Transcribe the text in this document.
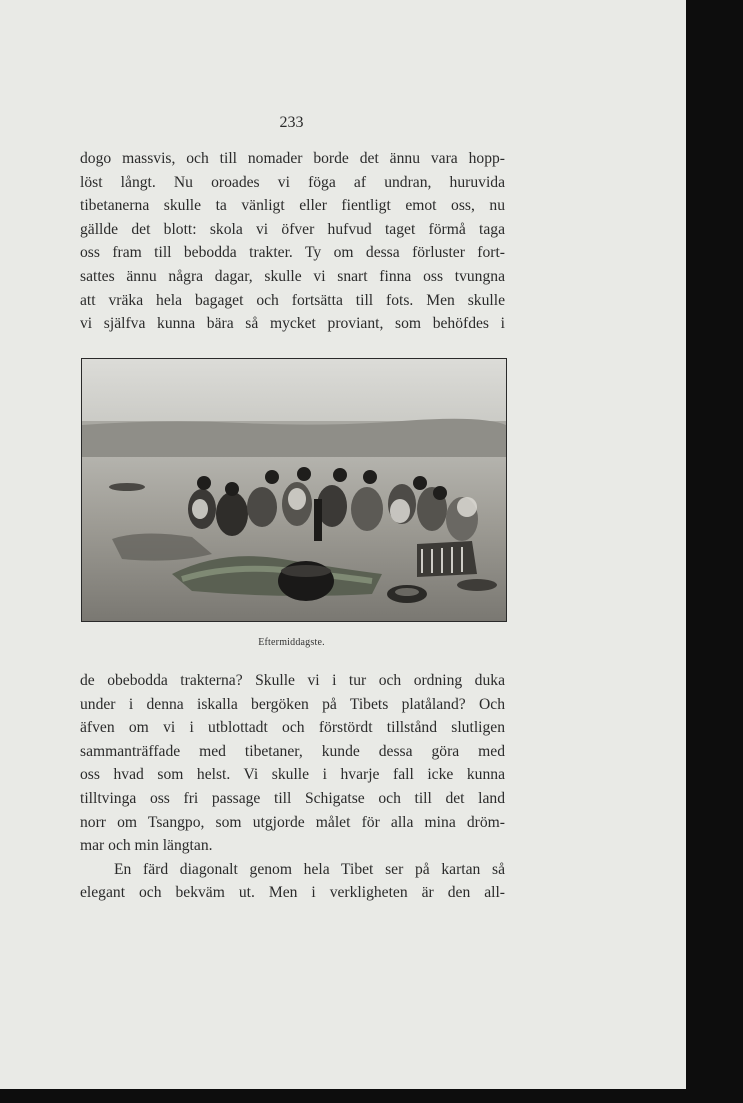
233
dogo massvis, och till nomader borde det ännu vara hopp-
löst långt. Nu oroades vi föga af undran, huruvida
tibetanerna skulle ta vänligt eller fientligt emot oss, nu
gällde det blott: skola vi öfver hufvud taget förmå taga
oss fram till bebodda trakter. Ty om dessa förluster fort-
sattes ännu några dagar, skulle vi snart finna oss tvungna
att vräka hela bagaget och fortsätta till fots. Men skulle
vi själfva kunna bära så mycket proviant, som behöfdes i
Eftermiddagste.
de obebodda trakterna? Skulle vi i tur och ordning duka
under i denna iskalla bergöken på Tibets platåland? Och
äfven om vi i utblottadt och förstördt tillstånd slutligen
sammanträffade med tibetaner, kunde dessa göra med
oss hvad som helst. Vi skulle i hvarje fall icke kunna
tilltvinga oss fri passage till Schigatse och till det land
norr om Tsangpo, som utgjorde målet för alla mina dröm-
mar och min längtan.
En färd diagonalt genom hela Tibet ser på kartan så
elegant och bekväm ut. Men i verkligheten är den all-
